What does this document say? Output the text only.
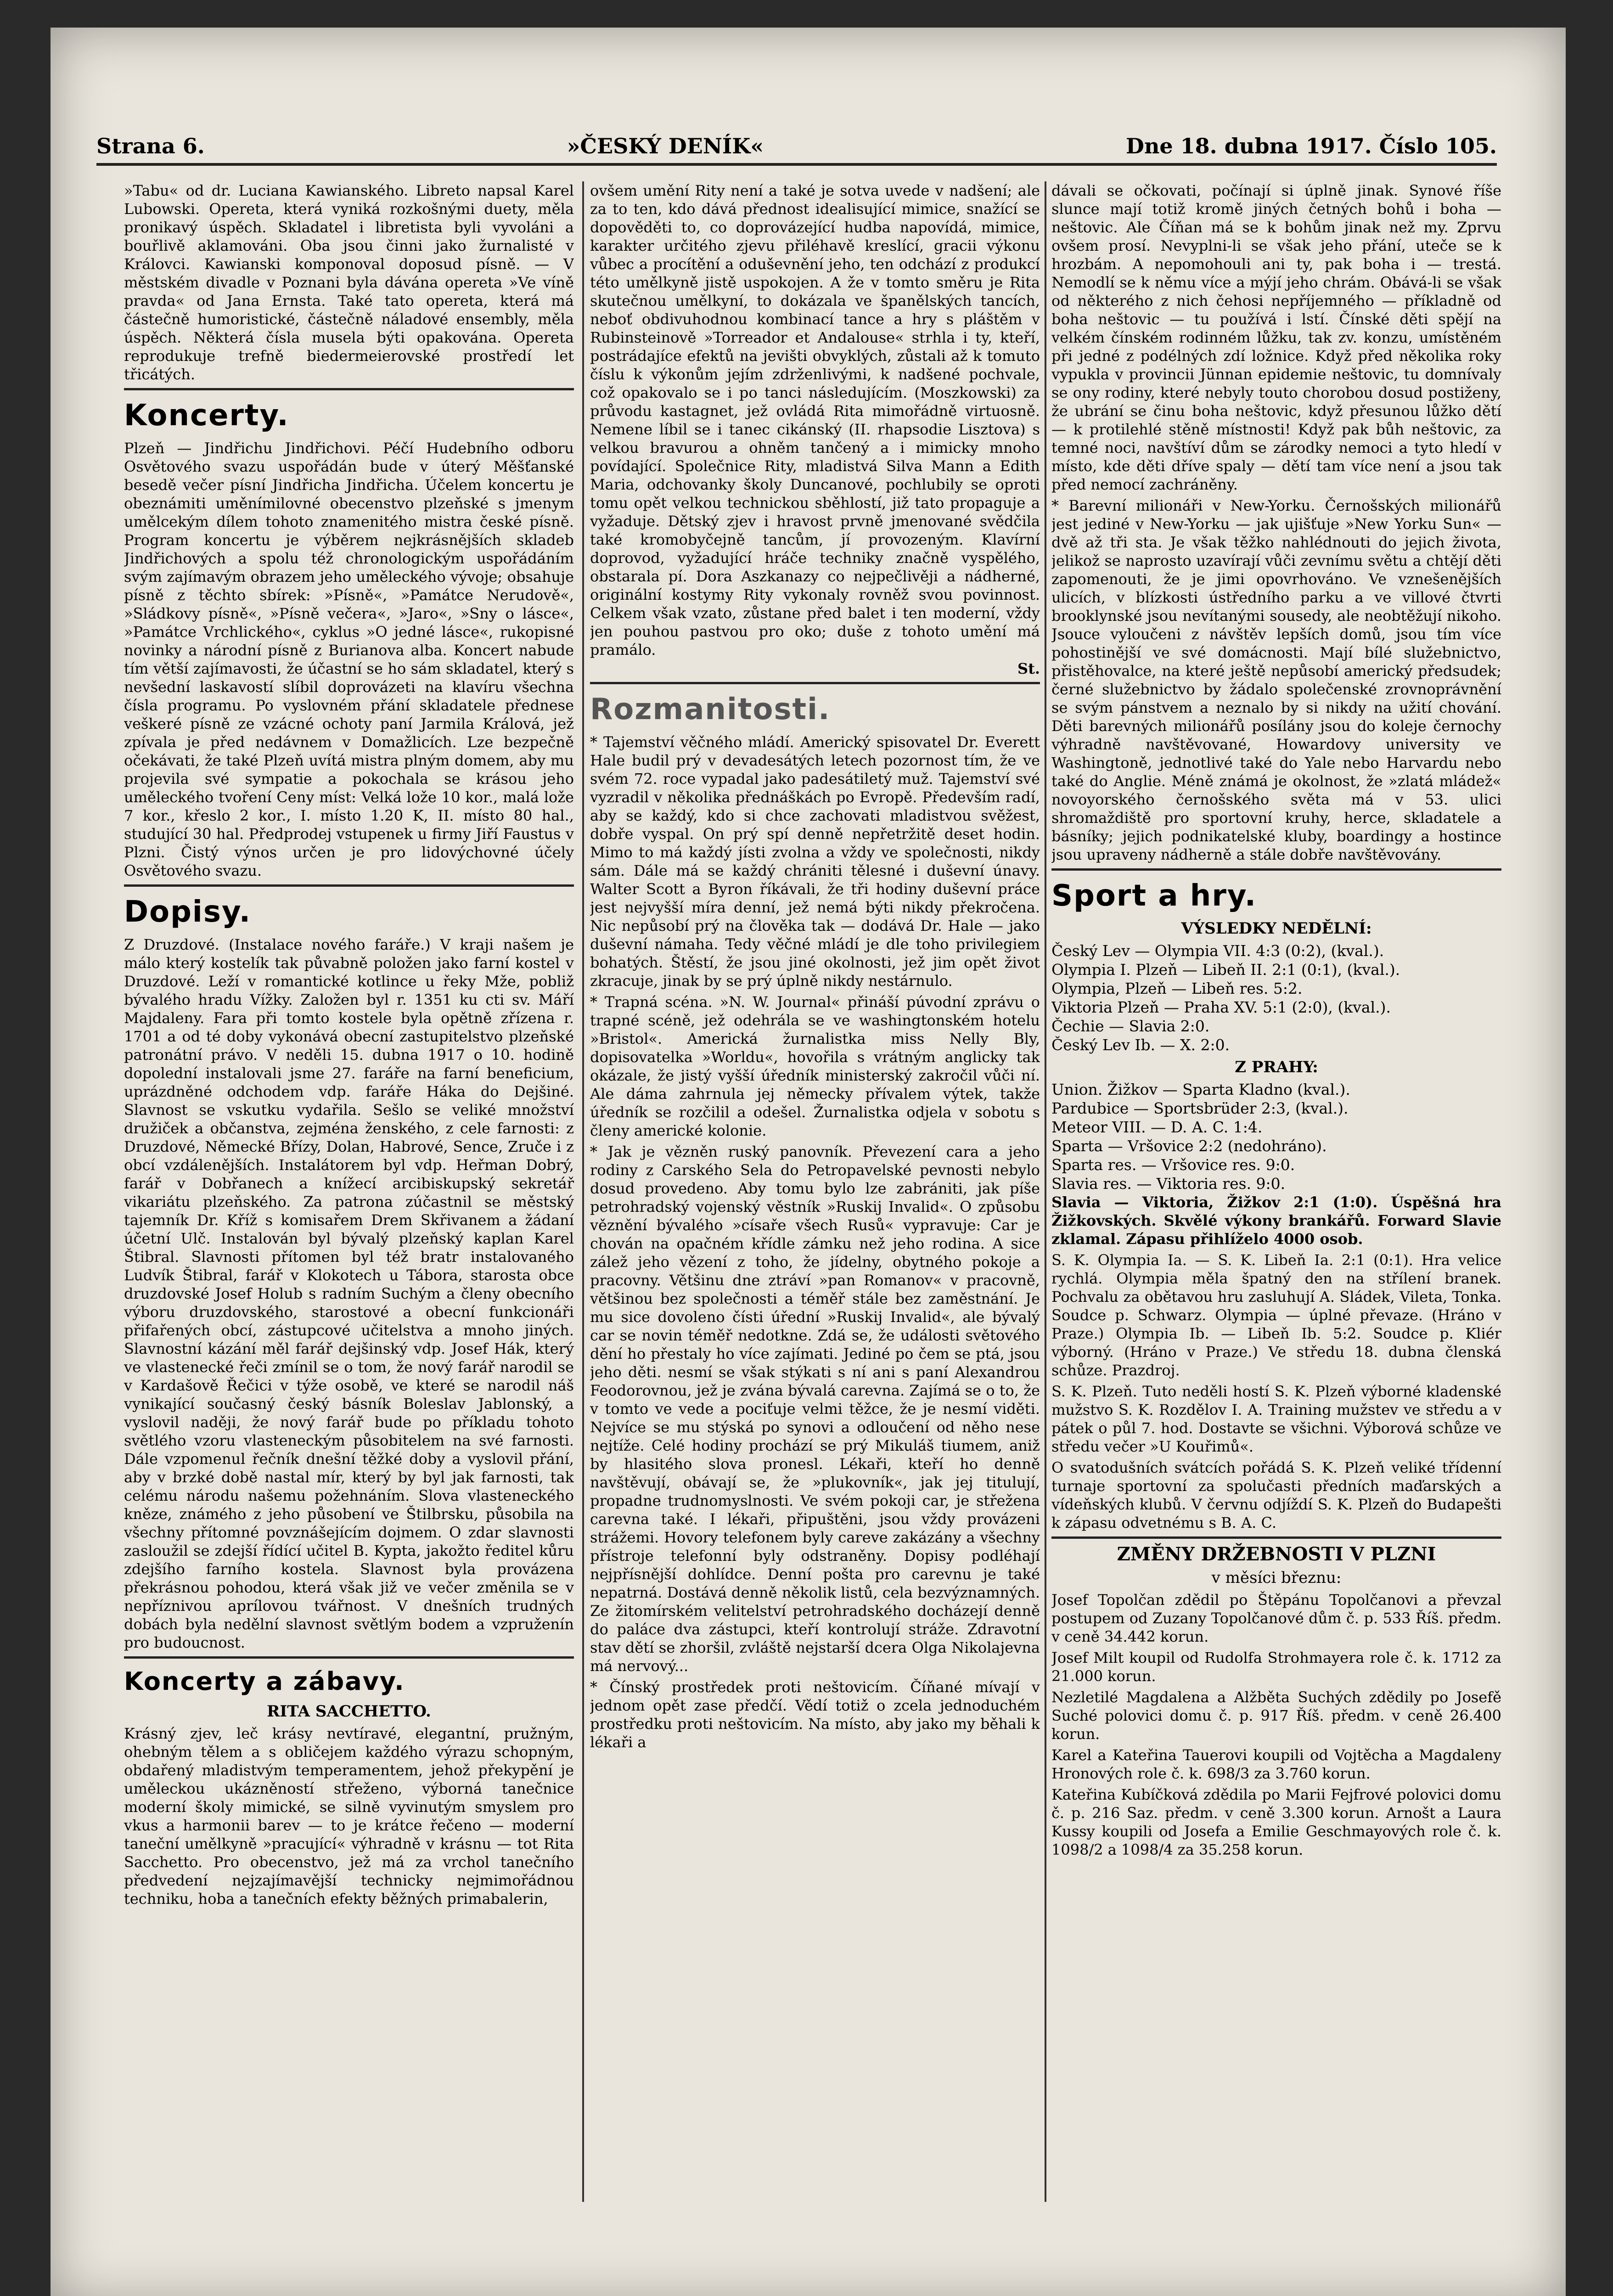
Strana 6.	»ČESKÝ DENÍK«	Dne 18. dubna 1917. Číslo 105.

»Tabu« od dr. Luciana Kawianského. Libreto napsal Karel Lubowski. Opereta, která vyniká rozkošnými duety, měla pronikavý úspěch. Skladatel i libretista byli vyvoláni a bouřlivě aklamováni. Oba jsou činni jako žurnalisté v Královci. Kawianski komponoval doposud písně. — V městském divadle v Poznani byla dávána opereta »Ve víně pravda« od Jana Ernsta. Také tato opereta, která má částečně humoristické, částečně náladové ensembly, měla úspěch. Některá čísla musela býti opakována. Opereta reprodukuje trefně biedermeierovské prostředí let třicátých.

Koncerty.

Plzeň — Jindřichu Jindřichovi. Péčí Hudebního odboru Osvětového svazu uspořádán bude v úterý Měšťanské besedě večer písní Jindřicha Jindřicha. Účelem koncertu je obeznámiti uměnímilovné obecenstvo plzeňské s jmenym umělcekým dílem tohoto znamenitého mistra české písně. Program koncertu je výběrem nejkrásnějších skladeb Jindřichových a spolu též chronologickým uspořádáním svým zajímavým obrazem jeho uměleckého vývoje; obsahuje písně z těchto sbírek: »Písně«, »Památce Nerudově«, »Sládkovy písně«, »Písně večera«, »Jaro«, »Sny o lásce«, »Památce Vrchlického«, cyklus »O jedné lásce«, rukopisné novinky a národní písně z Burianova alba. Koncert nabude tím větší zajímavosti, že účastní se ho sám skladatel, který s nevšední laskavostí slíbil doprovázeti na klavíru všechna čísla programu. Po vyslovném přání skladatele přednese veškeré písně ze vzácné ochoty paní Jarmila Králová, jež zpívala je před nedávnem v Domažlicích. Lze bezpečně očekávati, že také Plzeň uvítá mistra plným domem, aby mu projevila své sympatie a pokochala se krásou jeho uměleckého tvoření Ceny míst: Velká lože 10 kor., malá lože 7 kor., křeslo 2 kor., I. místo 1.20 K, II. místo 80 hal., studující 30 hal. Předprodej vstupenek u firmy Jiří Faustus v Plzni. Čistý výnos určen je pro lidovýchovné účely Osvětového svazu.

Dopisy.

Z Druzdové. (Instalace nového faráře.) V kraji našem je málo který kostelík tak půvabně položen jako farní kostel v Druzdové. Leží v romantické kotlince u řeky Mže, pobliž bývalého hradu Vížky. Založen byl r. 1351 ku cti sv. Máří Majdaleny. Fara při tomto kostele byla opětně zřízena r. 1701 a od té doby vykonává obecní zastupitelstvo plzeňské patronátní právo. V neděli 15. dubna 1917 o 10. hodině dopolední instalovali jsme 27. faráře na farní beneficium, uprázdněné odchodem vdp. faráře Háka do Dejšiné. Slavnost se vskutku vydařila. Sešlo se veliké množství družiček a občanstva, zejména ženského, z cele farnosti: z Druzdové, Německé Břízy, Dolan, Habrové, Sence, Zruče i z obcí vzdálenějších. Instalátorem byl vdp. Heřman Dobrý, farář v Dobřanech a knížecí arcibiskupský sekretář vikariátu plzeňského. Za patrona zúčastnil se městský tajemník Dr. Kříž s komisařem Drem Skřivanem a žádaní účetní Ulč. Instalován byl bývalý plzeňský kaplan Karel Štibral. Slavnosti přítomen byl též bratr instalovaného Ludvík Štibral, farář v Klokotech u Tábora, starosta obce druzdovské Josef Holub s radním Suchým a členy obecního výboru druzdovského, starostové a obecní funkcionáři přifařených obcí, zástupcové učitelstva a mnoho jiných. Slavnostní kázání měl farář dejšinský vdp. Josef Hák, který ve vlastenecké řeči zmínil se o tom, že nový farář narodil se v Kardašově Řečici v týže osobě, ve které se narodil náš vynikající současný český básník Boleslav Jablonský, a vyslovil naději, že nový farář bude po příkladu tohoto světlého vzoru vlasteneckým působitelem na své farnosti. Dále vzpomenul řečník dnešní těžké doby a vyslovil přání, aby v brzké době nastal mír, který by byl jak farnosti, tak celému národu našemu požehnáním. Slova vlasteneckého kněze, známého z jeho působení ve Štilbrsku, působila na všechny přítomné povznášejícím dojmem. O zdar slavnosti zasloužil se zdejší řídící učitel B. Kypta, jakožto ředitel kůru zdejšího farního kostela. Slavnost byla provázena překrásnou pohodou, která však již ve večer změnila se v nepříznivou aprílovou tvářnost. V dnešních trudných dobách byla nedělní slavnost světlým bodem a vzpruženín pro budoucnost.

Koncerty a zábavy.
RITA SACCHETTO.

Krásný zjev, leč krásy nevtíravé, elegantní, pružným, ohebným tělem a s obličejem každého výrazu schopným, obdařený mladistvým temperamentem, jehož překypění je uměleckou ukázněností střeženo, výborná tanečnice moderní školy mimické, se silně vyvinutým smyslem pro vkus a harmonii barev — to je krátce řečeno — moderní taneční umělkyně »pracující« výhradně v krásnu — tot Rita Sacchetto. Pro obecenstvo, jež má za vrchol tanečního předvedení nejzajímavější technicky nejmimořádnou techniku, hoba a tanečních efekty běžných primabalerin,

ovšem umění Rity není a také je sotva uvede v nadšení; ale za to ten, kdo dává přednost idealisující mimice, snažící se dopověděti to, co doprovázející hudba napovídá, mimice, karakter určitého zjevu přiléhavě kreslící, gracii výkonu vůbec a procítění a oduševnění jeho, ten odchází z produkcí této umělkyně jistě uspokojen. A že v tomto směru je Rita skutečnou umělkyní, to dokázala ve španělských tancích, neboť obdivuhodnou kombinací tance a hry s pláštěm v Rubinsteinově »Torreador et Andalouse« strhla i ty, kteří, postrádajíce efektů na jevišti obvyklých, zůstali až k tomuto číslu k výkonům jejím zdrženlivými, k nadšené pochvale, což opakovalo se i po tanci následujícím. (Moszkowski) za průvodu kastagnet, jež ovládá Rita mimořádně virtuosně. Nemene líbil se i tanec cikánský (II. rhapsodie Lisztova) s velkou bravurou a ohněm tančený a i mimicky mnoho povídající. Společnice Rity, mladistvá Silva Mann a Edith Maria, odchovanky školy Duncanové, pochlubily se oproti tomu opět velkou technickou sběhlostí, již tato propaguje a vyžaduje. Dětský zjev i hravost prvně jmenované svědčila také kromobyčejně tancům, jí provozeným. Klavírní doprovod, vyžadující hráče techniky značně vyspělého, obstarala pí. Dora Aszkanazy co nejpečlivěji a nádherné, originální kostymy Rity vykonaly rovněž svou povinnost. Celkem však vzato, zůstane před balet i ten moderní, vždy jen pouhou pastvou pro oko; duše z tohoto umění má pramálo.

St.
Rozmanitosti.

* Tajemství věčného mládí. Americký spisovatel Dr. Everett Hale budil prý v devadesátých letech pozornost tím, že ve svém 72. roce vypadal jako padesátiletý muž. Tajemství své vyzradil v několika přednáškách po Evropě. Především radí, aby se každý, kdo si chce zachovati mladistvou svěžest, dobře vyspal. On prý spí denně nepřetržitě deset hodin. Mimo to má každý jísti zvolna a vždy ve společnosti, nikdy sám. Dále má se každý chrániti tělesné i duševní únavy. Walter Scott a Byron říkávali, že tři hodiny duševní práce jest nejvyšší míra denní, jež nemá býti nikdy překročena. Nic nepůsobí prý na člověka tak — dodává Dr. Hale — jako duševní námaha. Tedy věčné mládí je dle toho privilegiem bohatých. Štěstí, že jsou jiné okolnosti, jež jim opět život zkracuje, jinak by se prý úplně nikdy nestárnulo.

* Trapná scéna. »N. W. Journal« přináší púvodní zprávu o trapné scéně, jež odehrála se ve washingtonském hotelu »Bristol«. Americká žurnalistka miss Nelly Bly, dopisovatelka »Worldu«, hovořila s vrátným anglicky tak okázale, že jistý vyšší úředník ministerský zakročil vůči ní. Ale dáma zahrnula jej německy přívalem výtek, takže úředník se rozčilil a odešel. Žurnalistka odjela v sobotu s členy americké kolonie.

* Jak je vězněn ruský panovník. Převezení cara a jeho rodiny z Carského Sela do Petropavelské pevnosti nebylo dosud provedeno. Aby tomu bylo lze zabrániti, jak píše petrohradský vojenský věstník »Ruskij Invalid«. O způsobu věznění bývalého »císaře všech Rusů« vypravuje: Car je chován na opačném křídle zámku než jeho rodina. A sice zálež jeho vězení z toho, že jídelny, obytného pokoje a pracovny. Většinu dne ztráví »pan Romanov« v pracovně, většinou bez společnosti a téměř stále bez zaměstnání. Je mu sice dovoleno čísti úřední »Ruskij Invalid«, ale bývalý car se novin téměř nedotkne. Zdá se, že události světového dění ho přestaly ho více zajímati. Jediné po čem se ptá, jsou jeho děti. nesmí se však stýkati s ní ani s paní Alexandrou Feodorovnou, jež je zvána bývalá carevna. Zajímá se o to, že v tomto ve vede a pociťuje velmi těžce, že je nesmí viděti. Nejvíce se mu stýská po synovi a odloučení od něho nese nejtíže. Celé hodiny prochází se prý Mikuláš tiumem, aniž by hlasitého slova pronesl. Lékaři, kteří ho denně navštěvují, obávají se, že »plukovník«, jak jej titulují, propadne trudnomyslnosti. Ve svém pokoji car, je střežena carevna také. I lékaři, připuštěni, jsou vždy provázeni strážemi. Hovory telefonem byly careve zakázány a všechny přístroje telefonní byly odstraněny. Dopisy podléhají nejpřísnější dohlídce. Denní pošta pro carevnu je také nepatrná. Dostává denně několik listů, cela bezvýznamných. Ze žitomírském velitelství petrohradského docházejí denně do paláce dva zástupci, kteří kontrolují stráže. Zdravotní stav dětí se zhoršil, zvláště nejstarší dcera Olga Nikolajevna má nervový...

* Čínský prostředek proti neštovicím. Číňané mívají v jednom opět zase předčí. Vědí totiž o zcela jednoduchém prostředku proti neštovicím. Na místo, aby jako my běhali k lékaři a

dávali se očkovati, počínají si úplně jinak. Synové říše slunce mají totiž kromě jiných četných bohů i boha — neštovic. Ale Číňan má se k bohům jinak než my. Zprvu ovšem prosí. Nevyplni-li se však jeho přání, uteče se k hrozbám. A nepomohouli ani ty, pak boha i — trestá. Nemodlí se k němu více a mýjí jeho chrám. Obává-li se však od některého z nich čehosi nepříjemného — příkladně od boha neštovic — tu používá i lstí. Čínské děti spějí na velkém čínském rodinném lůžku, tak zv. konzu, umístěném při jedné z podélných zdí ložnice. Když před několika roky vypukla v provincii Jünnan epidemie neštovic, tu domnívaly se ony rodiny, které nebyly touto chorobou dosud postiženy, že ubrání se činu boha neštovic, když přesunou lůžko dětí — k protilehlé stěně místnosti! Když pak bůh neštovic, za temné noci, navštíví dům se zárodky nemoci a tyto hledí v místo, kde děti dříve spaly — dětí tam více není a jsou tak před nemocí zachráněny.

* Barevní milionáři v New-Yorku. Černošských milionářů jest jediné v New-Yorku — jak ujišťuje »New Yorku Sun« — dvě až tři sta. Je však těžko nahlédnouti do jejich života, jelikož se naprosto uzavírají vůči zevnímu světu a chtějí děti zapomenouti, že je jimi opovrhováno. Ve vznešenějších ulicích, v blízkosti ústředního parku a ve villové čtvrti brooklynské jsou nevítanými sousedy, ale neobtěžují nikoho. Jsouce vyloučeni z návštěv lepších domů, jsou tím více pohostinější ve své domácnosti. Mají bílé služebnictvo, přistěhovalce, na které ještě nepůsobí americký předsudek; černé služebnictvo by žádalo společenské zrovnoprávnění se svým pánstvem a neznalo by si nikdy na užití chování. Děti barevných milionářů posílány jsou do koleje černochy výhradně navštěvované, Howardovy university ve Washingtoně, jednotlivé také do Yale nebo Harvardu nebo také do Anglie. Méně známá je okolnost, že »zlatá mládež« novoyorského černošského světa má v 53. ulici shromaždiště pro sportovní kruhy, herce, skladatele a básníky; jejich podnikatelské kluby, boardingy a hostince jsou upraveny nádherně a stále dobře navštěvovány.

Sport a hry.
VÝSLEDKY NEDĚLNÍ:

Český Lev — Olympia VII. 4:3 (0:2), (kval.).

Olympia I. Plzeň — Libeň II. 2:1 (0:1), (kval.).

Olympia, Plzeň — Libeň res. 5:2.

Viktoria Plzeň — Praha XV. 5:1 (2:0), (kval.).

Čechie — Slavia 2:0.

Český Lev Ib. — X. 2:0.

Z PRAHY:

Union. Žižkov — Sparta Kladno (kval.).

Pardubice — Sportsbrüder 2:3, (kval.).

Meteor VIII. — D. A. C. 1:4.

Sparta — Vršovice 2:2 (nedohráno).

Sparta res. — Vršovice res. 9:0.

Slavia res. — Viktoria res. 9:0.

Slavia — Viktoria, Žižkov 2:1 (1:0). Úspěšná hra Žižkovských. Skvělé výkony brankářů. Forward Slavie zklamal. Zápasu přihlíželo 4000 osob.

S. K. Olympia Ia. — S. K. Libeň Ia. 2:1 (0:1). Hra velice rychlá. Olympia měla špatný den na střílení branek. Pochvalu za obětavou hru zasluhují A. Sládek, Vileta, Tonka. Soudce p. Schwarz. Olympia — úplné převaze. (Hráno v Praze.) Olympia Ib. — Libeň Ib. 5:2. Soudce p. Kliér výborný. (Hráno v Praze.) Ve středu 18. dubna členská schůze. Prazdroj.

S. K. Plzeň. Tuto neděli hostí S. K. Plzeň výborné kladenské mužstvo S. K. Rozdělov I. A. Training mužstev ve středu a v pátek o půl 7. hod. Dostavte se všichni. Výborová schůze ve středu večer »U Kouřimů«.

O svatodušních svátcích pořádá S. K. Plzeň veliké třídenní turnaje sportovní za spolučasti předních maďarských a vídeňských klubů. V červnu odjíždí S. K. Plzeň do Budapešti k zápasu odvetnému s B. A. C.

ZMĚNY DRŽEBNOSTI V PLZNI
v měsíci březnu:

Josef Topolčan zdědil po Štěpánu Topolčanovi a převzal postupem od Zuzany Topolčanové dům č. p. 533 Říš. předm. v ceně 34.442 korun.

Josef Milt koupil od Rudolfa Strohmayera role č. k. 1712 za 21.000 korun.

Nezletilé Magdalena a Alžběta Suchých zdědily po Josefě Suché polovici domu č. p. 917 Říš. předm. v ceně 26.400 korun.

Karel a Kateřina Tauerovi koupili od Vojtěcha a Magdaleny Hronových role č. k. 698/3 za 3.760 korun.

Kateřina Kubíčková zdědila po Marii Fejfrové polovici domu č. p. 216 Saz. předm. v ceně 3.300 korun. Arnošt a Laura Kussy koupili od Josefa a Emilie Geschmayových role č. k. 1098/2 a 1098/4 za 35.258 korun.
